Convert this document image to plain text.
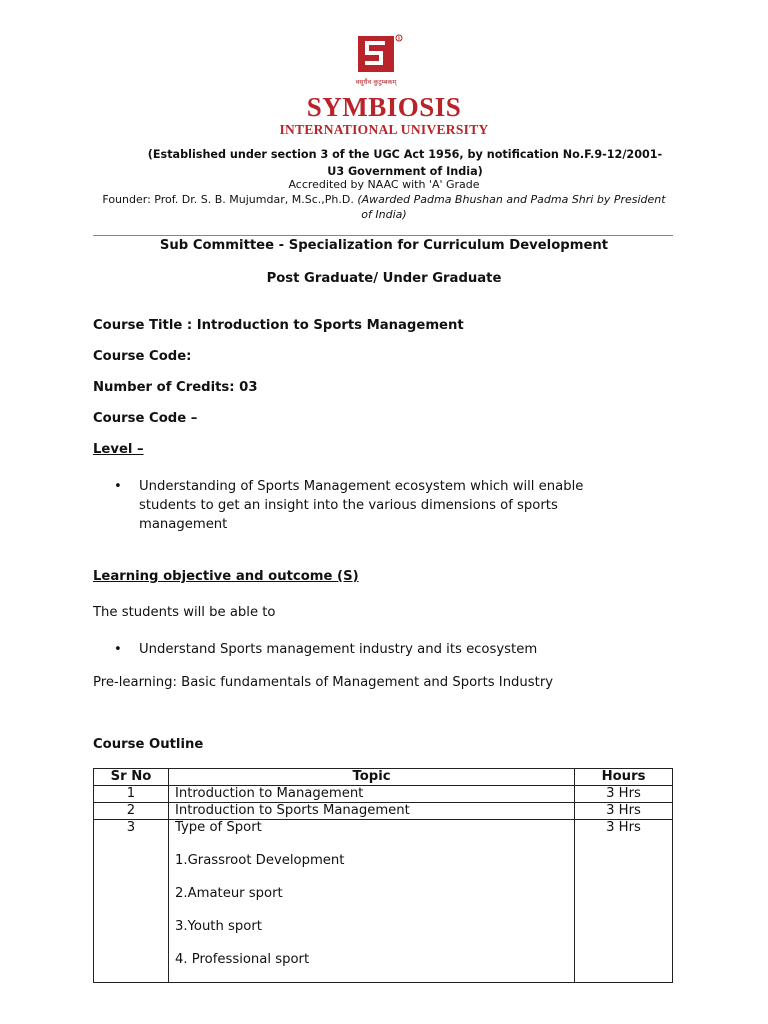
R
वसुधैव कुटुम्बकम्
SYMBIOSIS
INTERNATIONAL UNIVERSITY
(Established under section 3 of the UGC Act 1956, by notification No.F.9-12/2001-U3 Government of India)
Accredited by NAAC with 'A' Grade
Founder: Prof. Dr. S. B. Mujumdar, M.Sc.,Ph.D. (Awarded Padma Bhushan and Padma Shri by President of India)
Sub Committee - Specialization for Curriculum Development
Post Graduate/ Under Graduate
Course Title : Introduction to Sports Management
Course Code:
Number of Credits: 03
Course Code –
Level –
• Understanding of Sports Management ecosystem which will enable students to get an insight into the various dimensions of sports management
Learning objective and outcome (S)
The students will be able to
• Understand Sports management industry and its ecosystem
Pre-learning: Basic fundamentals of Management and Sports Industry
Course Outline
Sr No	Topic	Hours
1	Introduction to Management	3 Hrs
2	Introduction to Sports Management	3 Hrs
3	Type of Sport
1.Grassroot Development
2.Amateur sport
3.Youth sport
4. Professional sport	3 Hrs
